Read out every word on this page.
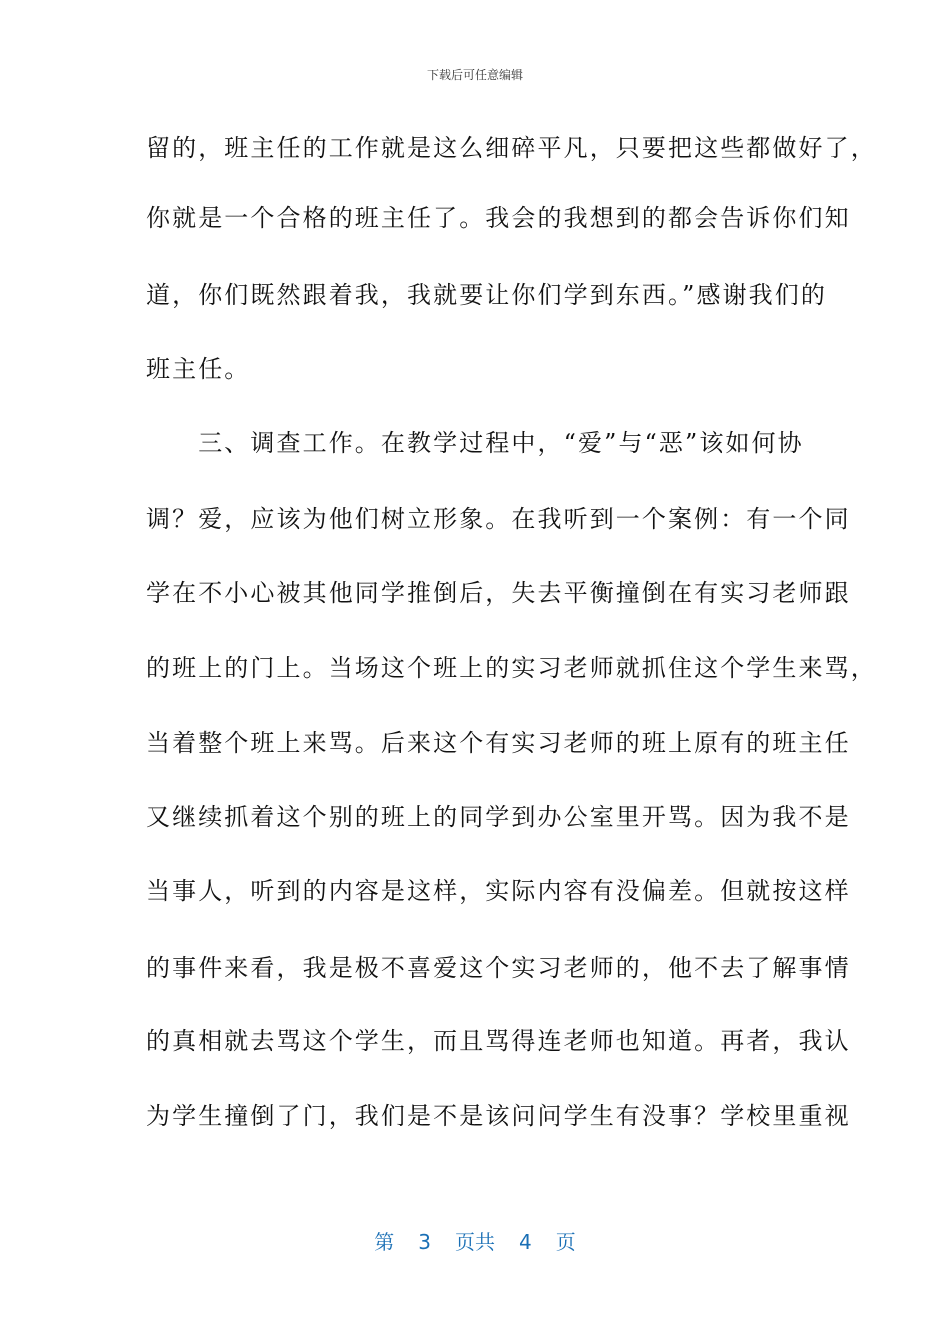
下载后可任意编辑
留的，班主任的工作就是这么细碎平凡，只要把这些都做好了，
你就是一个合格的班主任了。我会的我想到的都会告诉你们知
道，你们既然跟着我，我就要让你们学到东西。”感谢我们的
班主任。
　　三、调查工作。在教学过程中，“爱”与“恶”该如何协
调？爱，应该为他们树立形象。在我听到一个案例：有一个同
学在不小心被其他同学推倒后，失去平衡撞倒在有实习老师跟
的班上的门上。当场这个班上的实习老师就抓住这个学生来骂，
当着整个班上来骂。后来这个有实习老师的班上原有的班主任
又继续抓着这个别的班上的同学到办公室里开骂。因为我不是
当事人，听到的内容是这样，实际内容有没偏差。但就按这样
的事件来看，我是极不喜爱这个实习老师的，他不去了解事情
的真相就去骂这个学生，而且骂得连老师也知道。再者，我认
为学生撞倒了门，我们是不是该问问学生有没事？学校里重视
第 3 页共 4 页
